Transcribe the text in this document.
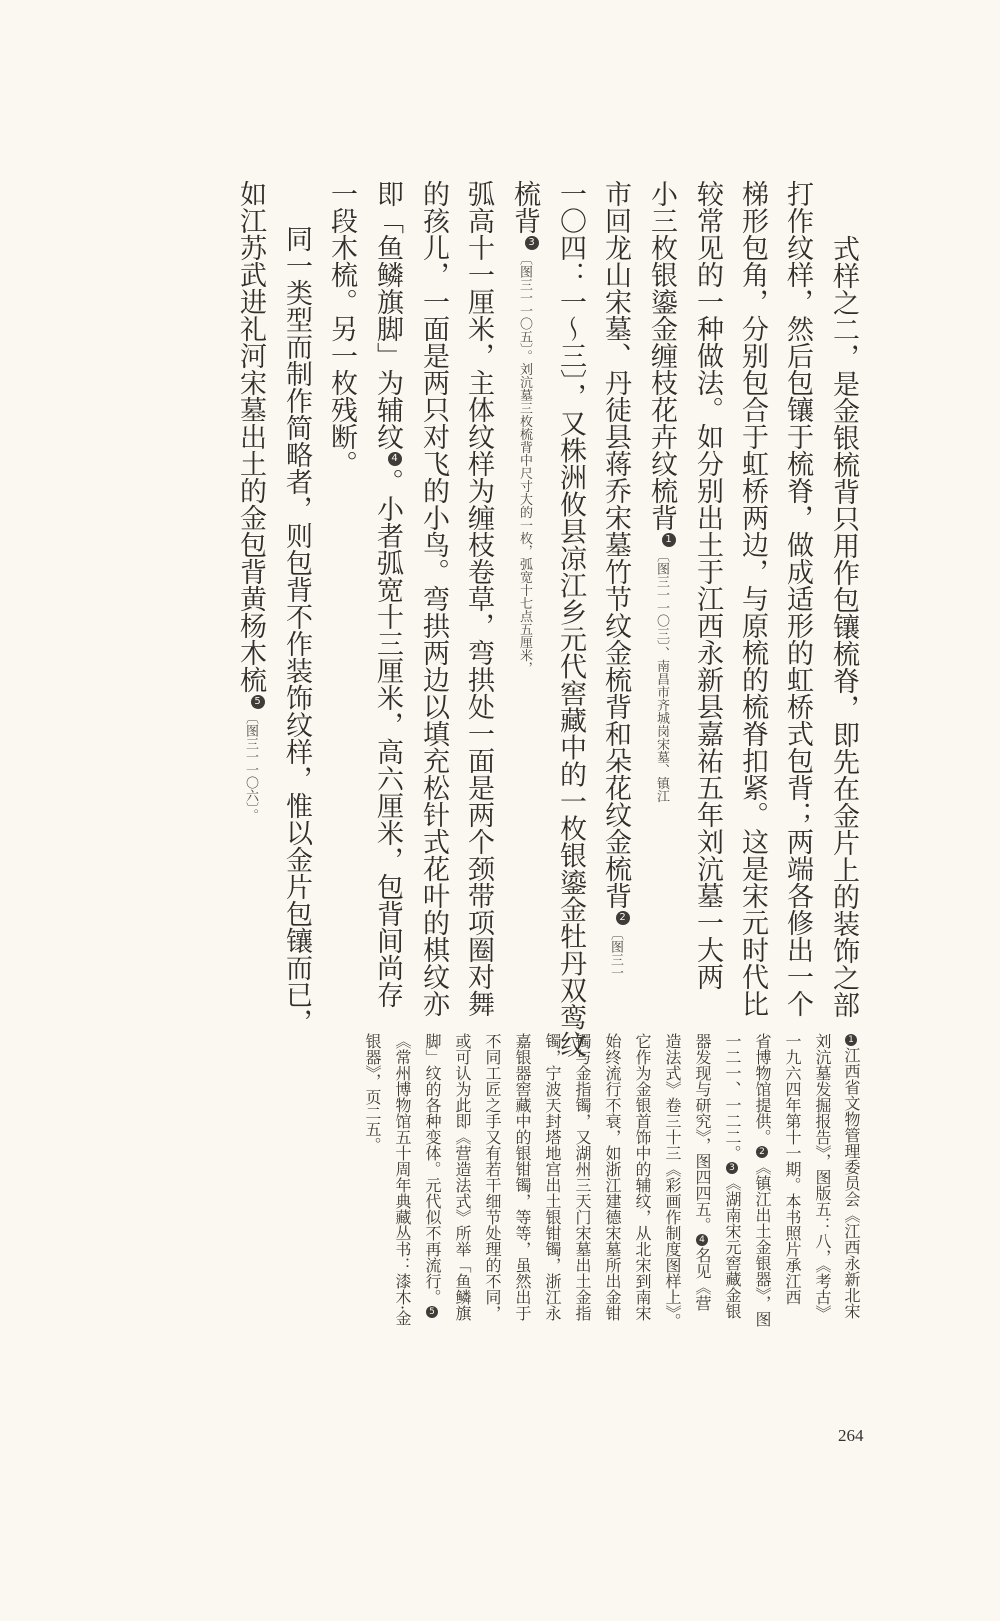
式样之二，是金银梳背只用作包镶梳脊，即先在金片上的装饰之部
打作纹样，然后包镶于梳脊，做成适形的虹桥式包背；两端各修出一个
梯形包角，分别包合于虹桥两边，与原梳的梳脊扣紧。这是宋元时代比
较常见的一种做法。如分别出土于江西永新县嘉祐五年刘沆墓一大两
小三枚银鎏金缠枝花卉纹梳背1〔图三一一〇三〕、南昌市齐城岗宋墓、镇江
市回龙山宋墓、丹徒县蒋乔宋墓竹节纹金梳背和朵花纹金梳背2〔图三一
一〇四：一～三〕，又株洲攸县凉江乡元代窖藏中的一枚银鎏金牡丹双鸾纹
梳背3〔图三一一〇五〕。刘沆墓三枚梳背中尺寸大的一枚，弧宽十七点五厘米，
弧高十一厘米，主体纹样为缠枝卷草，弯拱处一面是两个颈带项圈对舞
的孩儿，一面是两只对飞的小鸟。弯拱两边以填充松针式花叶的棋纹亦
即「鱼鳞旗脚」为辅纹4。小者弧宽十三厘米，高六厘米，包背间尚存
一段木梳。另一枚残断。
同一类型而制作简略者，则包背不作装饰纹样，惟以金片包镶而已，
如江苏武进礼河宋墓出土的金包背黄杨木梳5〔图三一一〇六〕。
1江西省文物管理委员会《江西永新北宋
刘沆墓发掘报告》，图版五：八，《考古》
一九六四年第十一期。本书照片承江西
省博物馆提供。2《镇江出土金银器》，图
一二一、一二二。3《湖南宋元窖藏金银
器发现与研究》，图四四五。4名见《营
造法式》卷三十三《彩画作制度图样上》。
它作为金银首饰中的辅纹，从北宋到南宋
始终流行不衰，如浙江建德宋墓所出金钳
镯与金指镯，又湖州三天门宋墓出土金指
镯，宁波天封塔地宫出土银钳镯，浙江永
嘉银器窖藏中的银钳镯，等等，虽然出于
不同工匠之手又有若干细节处理的不同，
或可认为此即《营造法式》所举「鱼鳞旗
脚」纹的各种变体。元代似不再流行。5
《常州博物馆五十周年典藏丛书：漆木·金
银器》，页二五。
264
